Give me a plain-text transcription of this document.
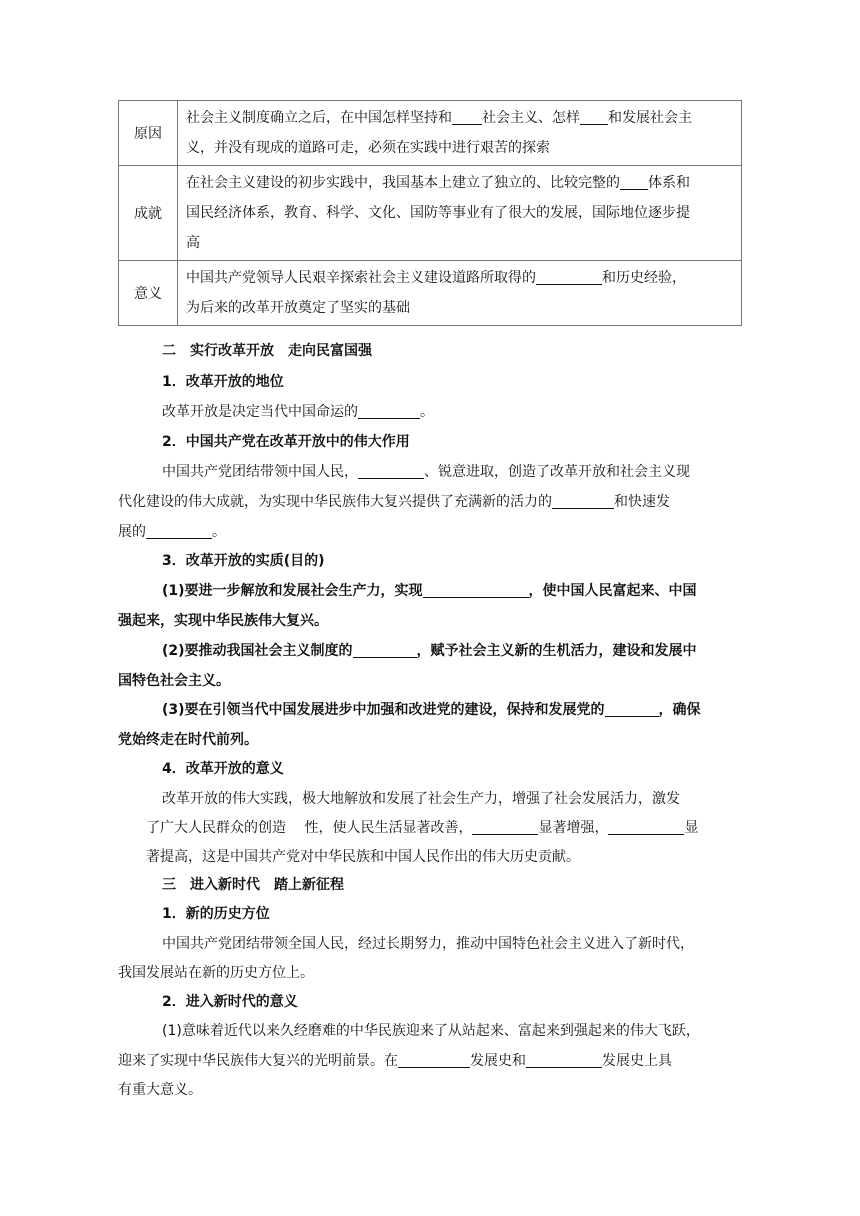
原因	社会主义制度确立之后，在中国怎样坚持和 社会主义、怎样 和发展社会主
义，并没有现成的道路可走，必须在实践中进行艰苦的探索

成就	在社会主义建设的初步实践中，我国基本上建立了独立的、比较完整的 体系和
国民经济体系，教育、科学、文化、国防等事业有了很大的发展，国际地位逐步提
高

意义	中国共产党领导人民艰辛探索社会主义建设道路所取得的 和历史经验，
为后来的改革开放奠定了坚实的基础
二　实行改革开放　走向民富国强
1．改革开放的地位
改革开放是决定当代中国命运的	。
2．中国共产党在改革开放中的伟大作用
中国共产党团结带领中国人民，	、锐意进取，创造了改革开放和社会主义现
代化建设的伟大成就，为实现中华民族伟大复兴提供了充满新的活力的	和快速发
展的	。
3．改革开放的实质(目的)
(1)要进一步解放和发展社会生产力，实现	，使中国人民富起来、中国
强起来，实现中华民族伟大复兴。
(2)要推动我国社会主义制度的	，赋予社会主义新的生机活力，建设和发展中
国特色社会主义。
(3)要在引领当代中国发展进步中加强和改进党的建设，保持和发展党的	，确保
党始终走在时代前列。
4．改革开放的意义
改革开放的伟大实践，极大地解放和发展了社会生产力，增强了社会发展活力，激发
了广大人民群众的创造　 性，使人民生活显著改善，	显著增强，	显
著提高，这是中国共产党对中华民族和中国人民作出的伟大历史贡献。
三　进入新时代　踏上新征程
1．新的历史方位
中国共产党团结带领全国人民，经过长期努力，推动中国特色社会主义进入了新时代，
我国发展站在新的历史方位上。
2．进入新时代的意义
(1)意味着近代以来久经磨难的中华民族迎来了从站起来、富起来到强起来的伟大飞跃，
迎来了实现中华民族伟大复兴的光明前景。在	发展史和	发展史上具
有重大意义。
